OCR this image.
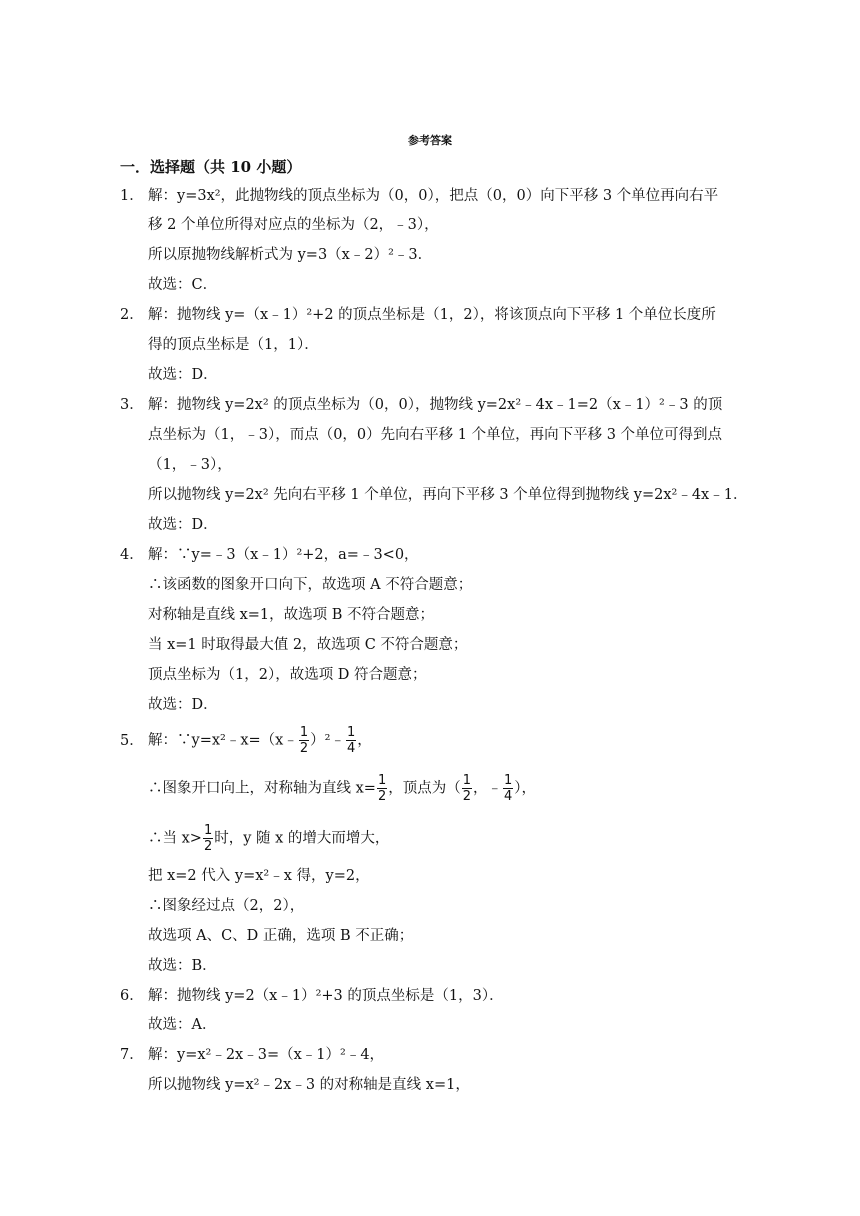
参考答案
一．选择题（共 10 小题）
1． 解：y=3x²，此抛物线的顶点坐标为（0，0），把点（0，0）向下平移 3 个单位再向右平
移 2 个单位所得对应点的坐标为（2，﹣3），
所以原抛物线解析式为 y=3（x﹣2）²﹣3．
故选：C．
2． 解：抛物线 y=（x﹣1）²+2 的顶点坐标是（1，2），将该顶点向下平移 1 个单位长度所
得的顶点坐标是（1，1）．
故选：D．
3． 解：抛物线 y=2x² 的顶点坐标为（0，0），抛物线 y=2x²﹣4x﹣1=2（x﹣1）²﹣3 的顶
点坐标为（1，﹣3），而点（0，0）先向右平移 1 个单位，再向下平移 3 个单位可得到点
（1，﹣3），
所以抛物线 y=2x² 先向右平移 1 个单位，再向下平移 3 个单位得到抛物线 y=2x²﹣4x﹣1．
故选：D．
4． 解：∵y=﹣3（x﹣1）²+2，a=﹣3<0，
∴该函数的图象开口向下，故选项 A 不符合题意；
对称轴是直线 x=1，故选项 B 不符合题意；
当 x=1 时取得最大值 2，故选项 C 不符合题意；
顶点坐标为（1，2），故选项 D 符合题意；
故选：D．
5． 解：∵y=x²﹣x=（x﹣ $\frac{1}{2}$ ）²﹣ $\frac{1}{4}$ ，
∴图象开口向上，对称轴为直线 $x= \frac{1}{2}$ ，顶点为（ $\frac{1}{2}$ ，﹣ $\frac{1}{4}$ ），
∴当 $x> \frac{1}{2}$ 时，y 随 x 的增大而增大，
把 x=2 代入 y=x²﹣x 得，y=2，
∴图象经过点（2，2），
故选项 A、C、D 正确，选项 B 不正确；
故选：B．
6． 解：抛物线 y=2（x﹣1）²+3 的顶点坐标是（1，3）．
故选：A．
7． 解：y=x²﹣2x﹣3=（x﹣1）²﹣4，
所以抛物线 y=x²﹣2x﹣3 的对称轴是直线 x=1，
